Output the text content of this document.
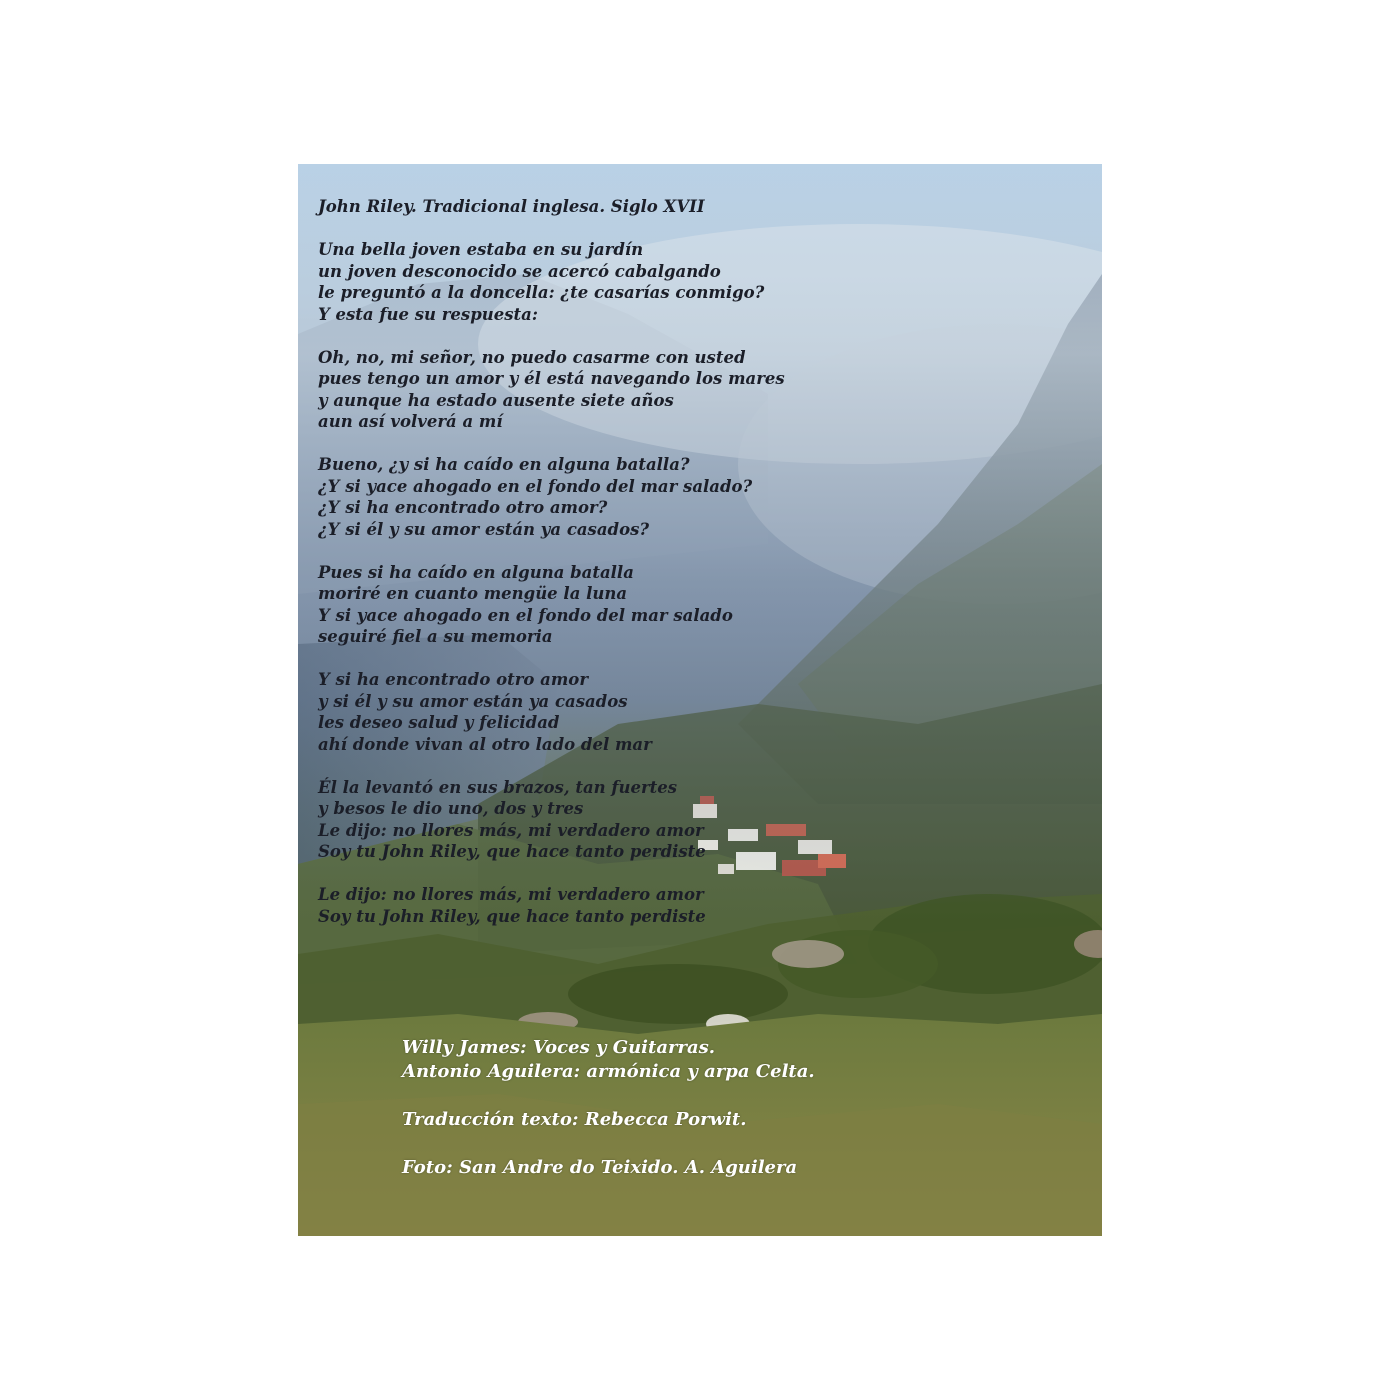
John Riley. Tradicional inglesa. Siglo XVII
Una bella joven estaba en su jardín
un joven desconocido se acercó cabalgando
le preguntó a la doncella: ¿te casarías conmigo?
Y esta fue su respuesta:
Oh, no, mi señor, no puedo casarme con usted
pues tengo un amor y él está navegando los mares
y aunque ha estado ausente siete años
aun así volverá a mí
Bueno, ¿y si ha caído en alguna batalla?
¿Y si yace ahogado en el fondo del mar salado?
¿Y si ha encontrado otro amor?
¿Y si él y su amor están ya casados?
Pues si ha caído en alguna batalla
moriré en cuanto mengüe la luna
Y si yace ahogado en el fondo del mar salado
seguiré fiel a su memoria
Y si ha encontrado otro amor
y si él y su amor están ya casados
les deseo salud y felicidad
ahí donde vivan al otro lado del mar
Él la levantó en sus brazos, tan fuertes
y besos le dio uno, dos y tres
Le dijo: no llores más, mi verdadero amor
Soy tu John Riley, que hace tanto perdiste
Le dijo: no llores más, mi verdadero amor
Soy tu John Riley, que hace tanto perdiste
Willy James: Voces y Guitarras.
Antonio Aguilera: armónica y arpa Celta.
Traducción texto: Rebecca Porwit.
Foto: San Andre do Teixido. A. Aguilera
